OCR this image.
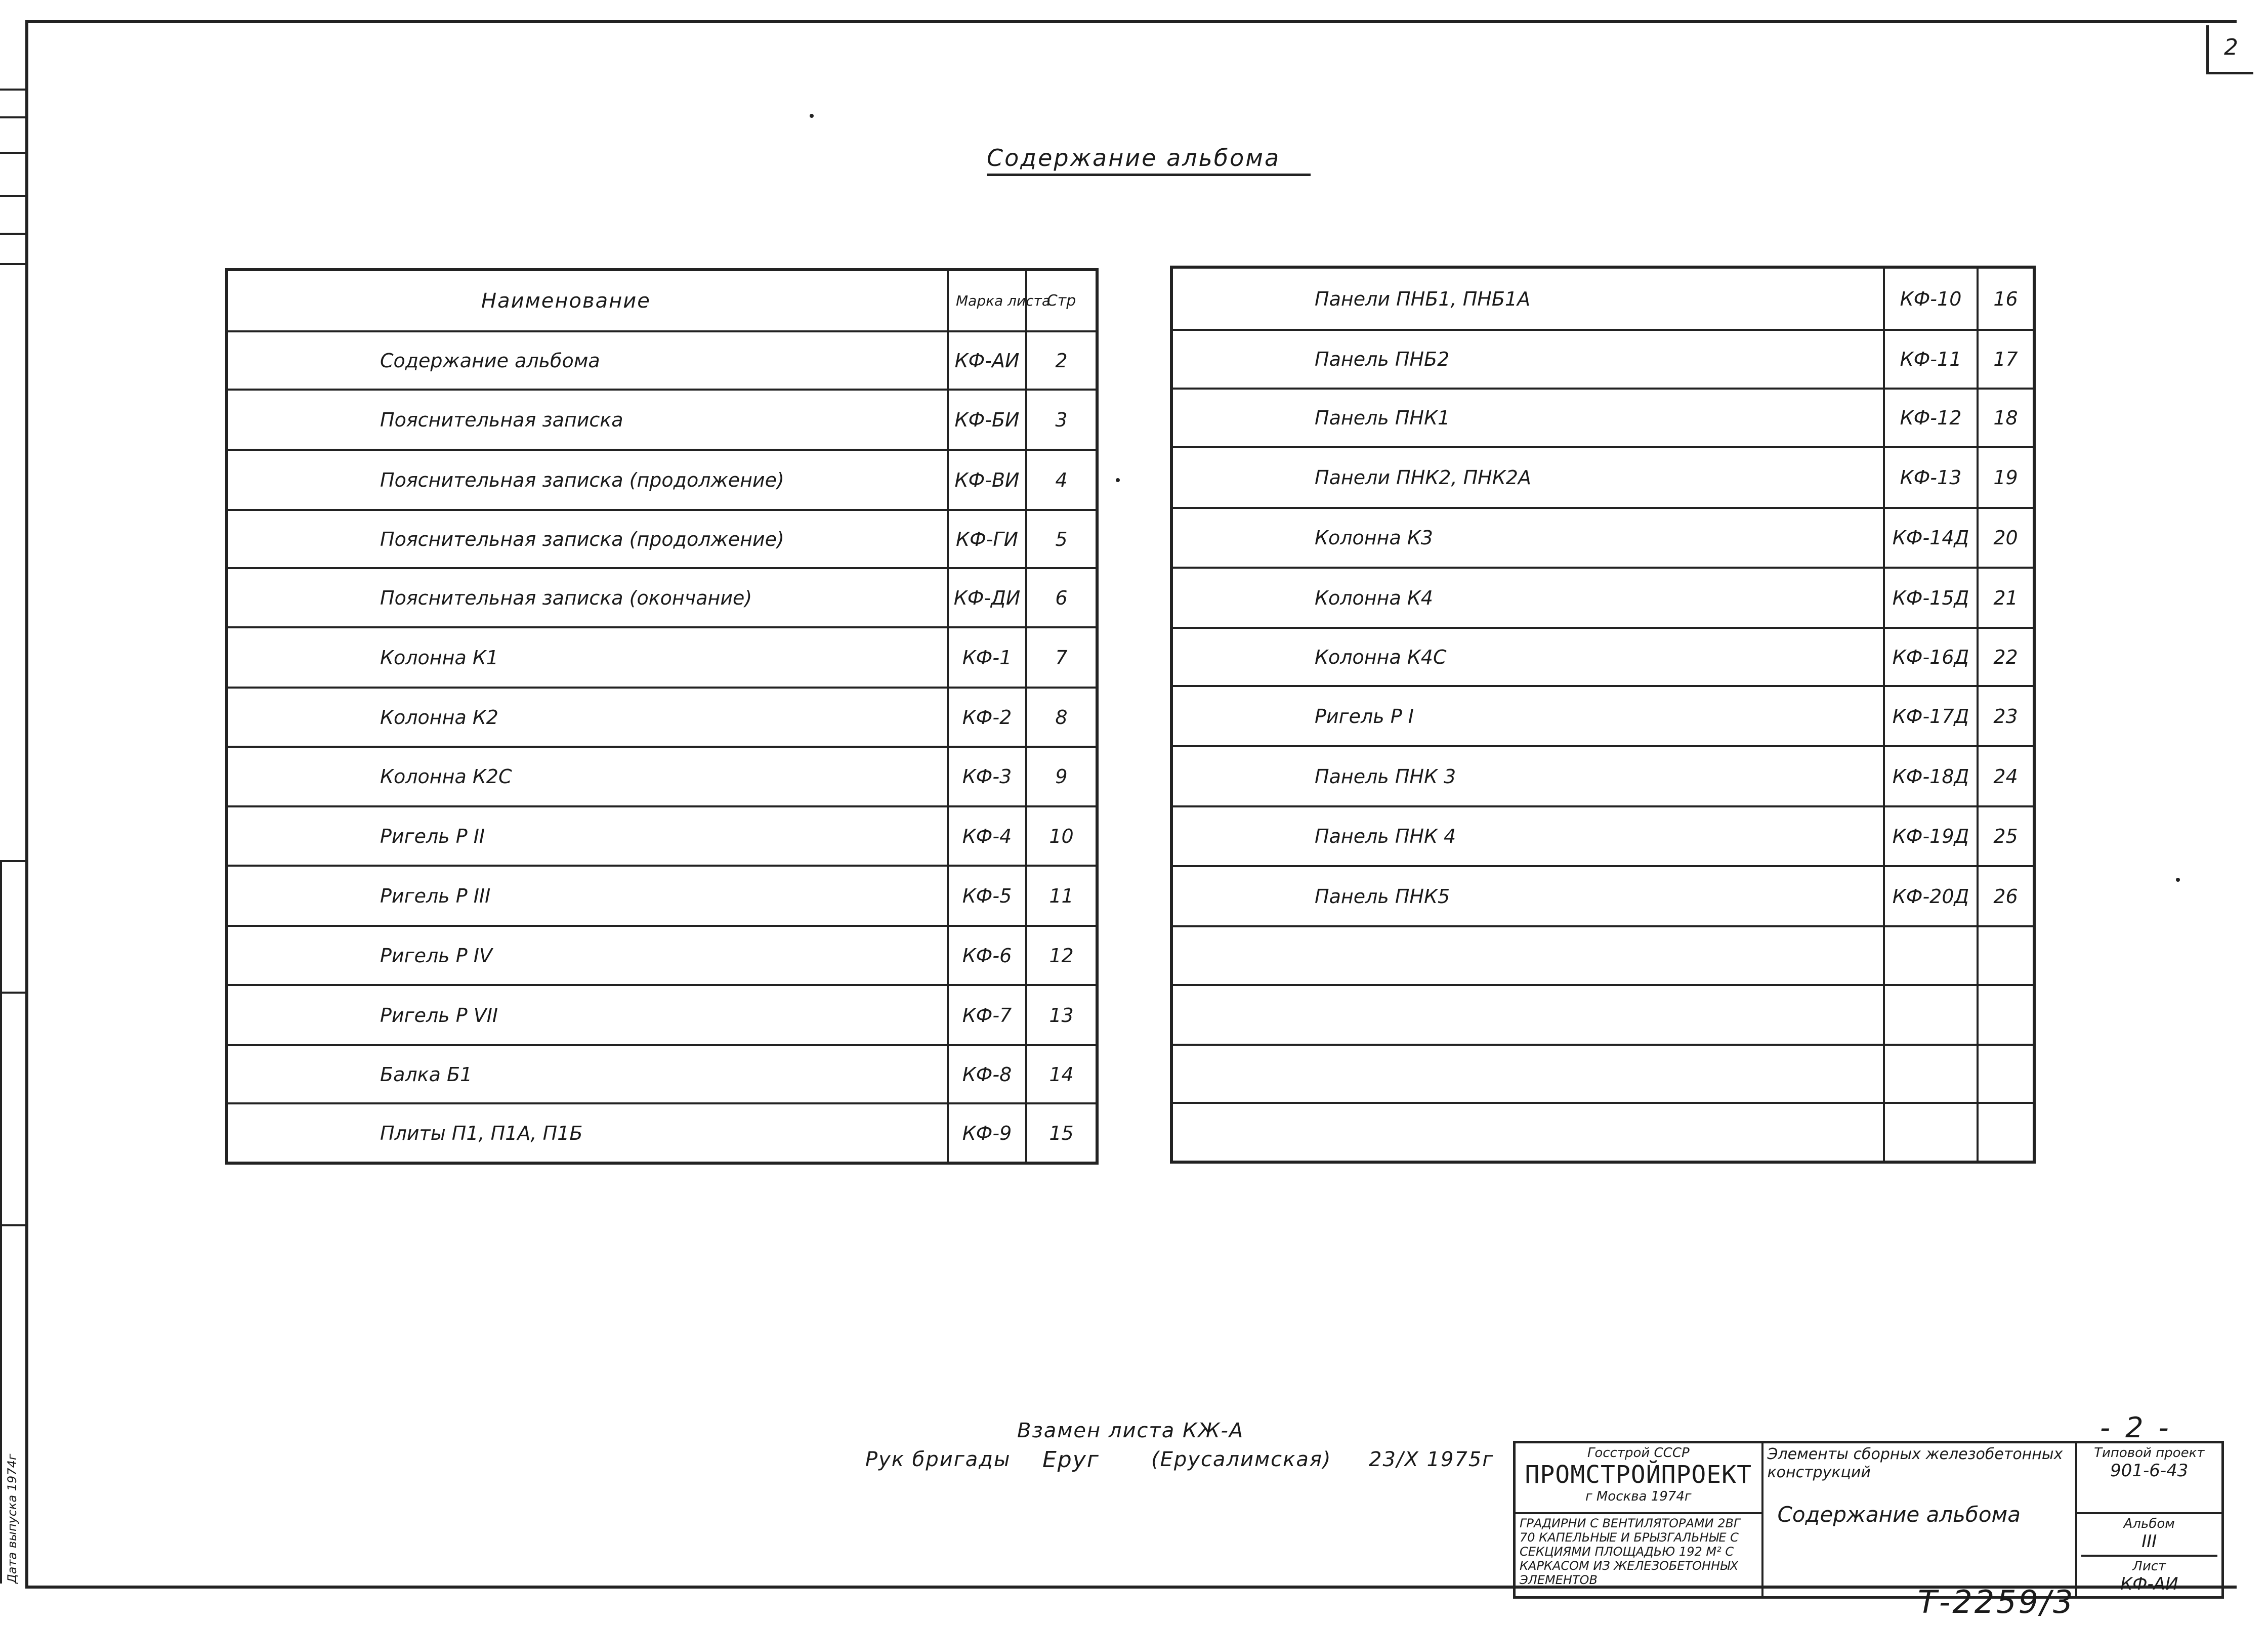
Дата выпуска 1974г
2
Содержание альбома
Наименование	Марка листа	Стр
Содержание альбома	КФ-АИ	2
Пояснительная записка	КФ-БИ	3
Пояснительная записка (продолжение)	КФ-ВИ	4
Пояснительная записка (продолжение)	КФ-ГИ	5
Пояснительная записка (окончание)	КФ-ДИ	6
Колонна К1	КФ-1	7
Колонна К2	КФ-2	8
Колонна К2С	КФ-3	9
Ригель Р II	КФ-4	10
Ригель Р III	КФ-5	11
Ригель Р IV	КФ-6	12
Ригель Р VII	КФ-7	13
Балка Б1	КФ-8	14
Плиты П1, П1А, П1Б	КФ-9	15
Панели ПНБ1, ПНБ1А	КФ-10	16
Панель ПНБ2	КФ-11	17
Панель ПНК1	КФ-12	18
Панели ПНК2, ПНК2А	КФ-13	19
Колонна К3	КФ-14Д	20
Колонна К4	КФ-15Д	21
Колонна К4С	КФ-16Д	22
Ригель Р I	КФ-17Д	23
Панель ПНК 3	КФ-18Д	24
Панель ПНК 4	КФ-19Д	25
Панель ПНК5	КФ-20Д	26

Взамен листа КЖ-А
Рук бригады Еруг	(Ерусалимская) 23/X 1975г
- 2 -
Госстрой СССР
ПРОМСТРОЙПРОЕКТ
г Москва 1974г	Элементы сборных железобетонных конструкций
Содержание альбома	Типовой проект
901-6-43

ГРАДИРНИ С ВЕНТИЛЯТОРАМИ 2ВГ 70 КАПЕЛЬНЫЕ И БРЫЗГАЛЬНЫЕ С СЕКЦИЯМИ ПЛОЩАДЬЮ 192 М² С КАРКАСОМ ИЗ ЖЕЛЕЗОБЕТОННЫХ ЭЛЕМЕНТОВ		Альбом
III
Лист
КФ-АИ
Т-2259/3
